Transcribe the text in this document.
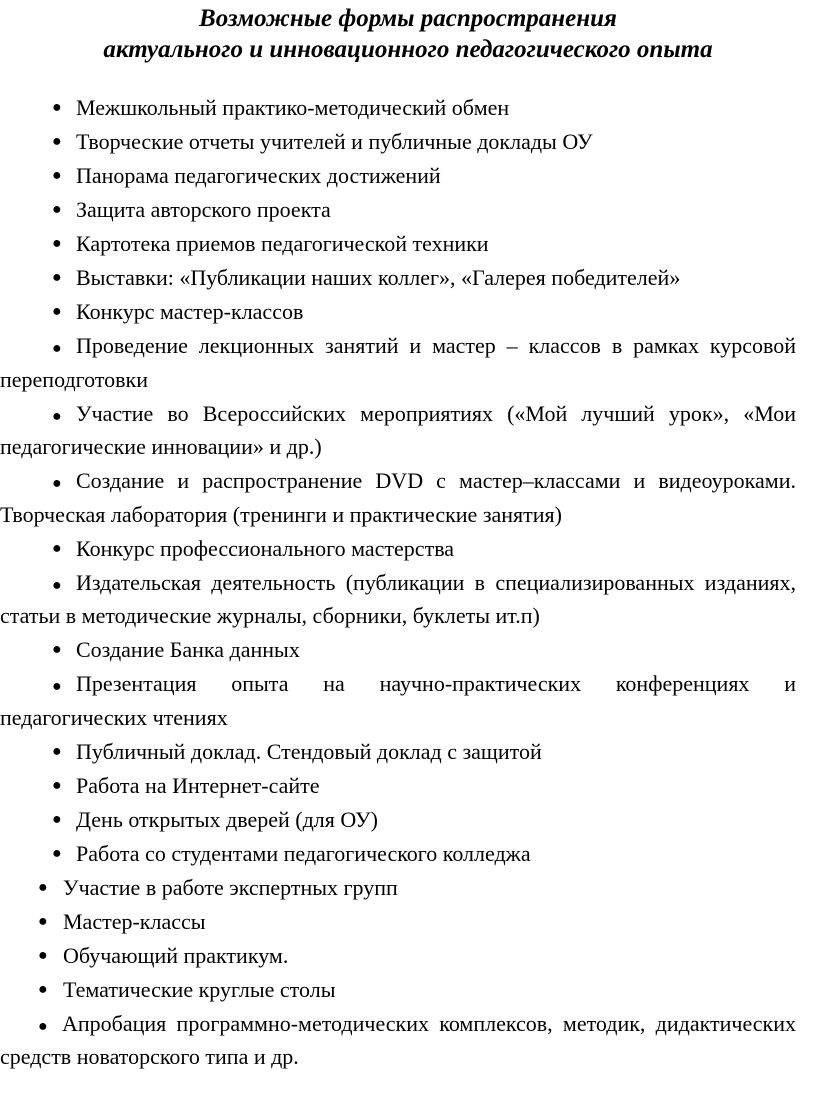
Возможные формы распространения
актуального и инновационного педагогического опыта
● Межшкольный практико-методический обмен
● Творческие отчеты учителей и публичные доклады ОУ
● Панорама педагогических достижений
● Защита авторского проекта
● Картотека приемов педагогической техники
● Выставки: «Публикации наших коллег», «Галерея победителей»
● Конкурс мастер-классов
● Проведение лекционных занятий и мастер – классов в рамках курсовой переподготовки
● Участие во Всероссийских мероприятиях («Мой лучший урок», «Мои педагогические инновации» и др.)
● Создание и распространение DVD с мастер–классами и видеоуроками. Творческая лаборатория (тренинги и практические занятия)
● Конкурс профессионального мастерства
● Издательская деятельность (публикации в специализированных изданиях, статьи в методические журналы, сборники, буклеты ит.п)
● Создание Банка данных
● Презентация опыта на научно-практических конференциях и педагогических чтениях
● Публичный доклад. Стендовый доклад с защитой
● Работа на Интернет-сайте
● День открытых дверей (для ОУ)
● Работа со студентами педагогического колледжа
● Участие в работе экспертных групп
● Мастер-классы
● Обучающий практикум.
● Тематические круглые столы
● Апробация программно-методических комплексов, методик, дидактических средств новаторского типа и др.
